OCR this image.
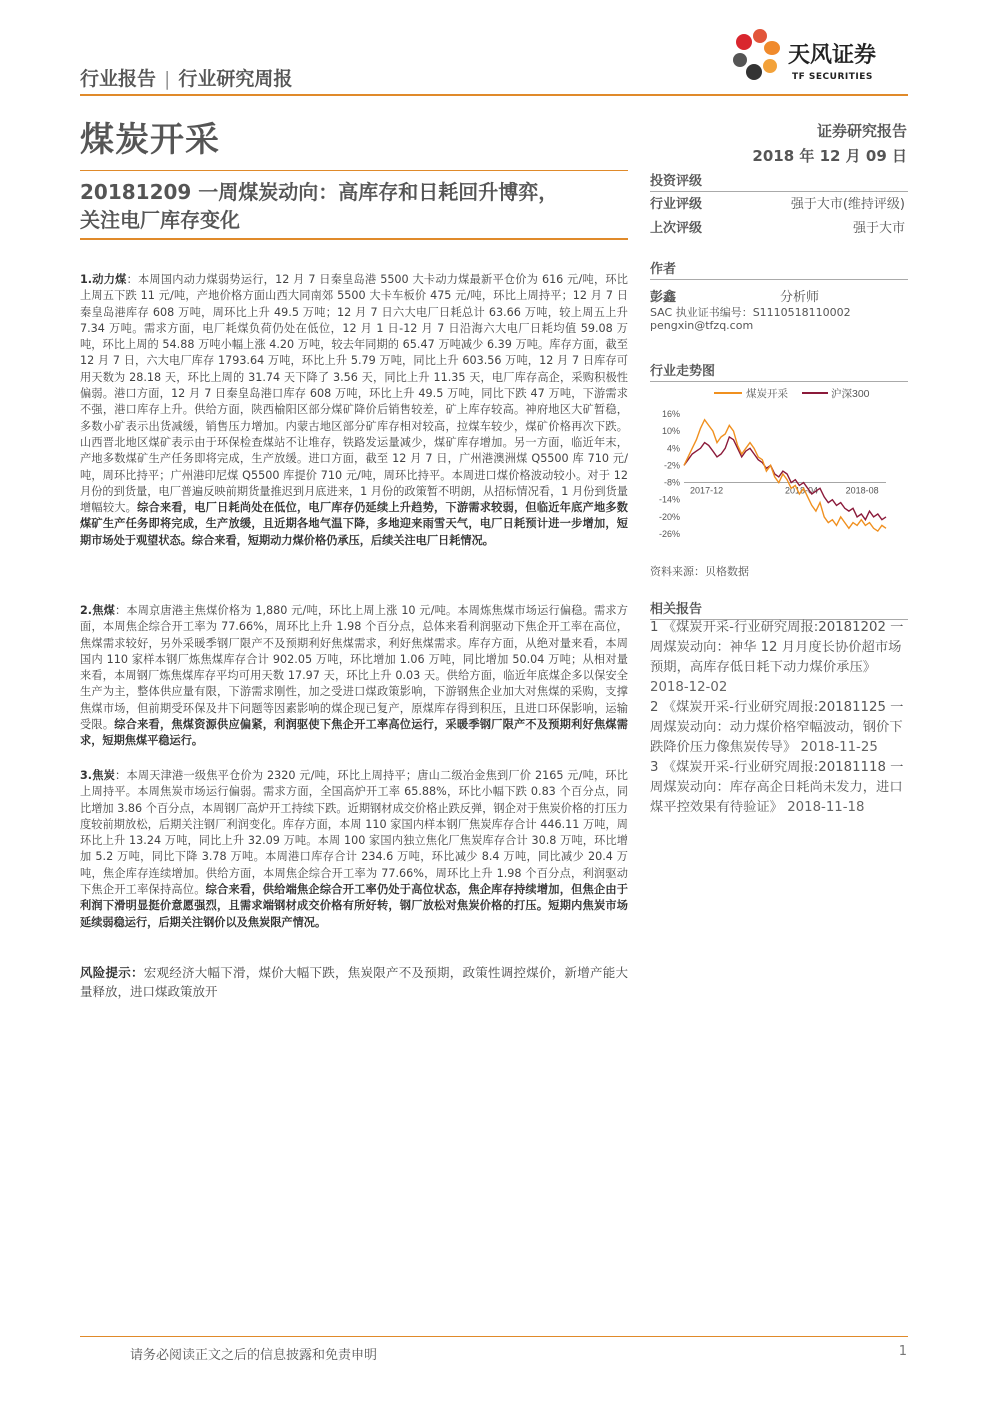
行业报告 | 行业研究周报
天风证券
TF SECURITIES
煤炭开采	证券研究报告
2018 年 12 月 09 日
20181209 一周煤炭动向：高库存和日耗回升博弈，
关注电厂库存变化
1.动力煤：本周国内动力煤弱势运行，12 月 7 日秦皇岛港 5500 大卡动力煤最新平仓价为 616 元/吨，环比上周五下跌 11 元/吨，产地价格方面山西大同南郊 5500 大卡车板价 475 元/吨，环比上周持平；12 月 7 日秦皇岛港库存 608 万吨，周环比上升 49.5 万吨；12 月 7 日六大电厂日耗总计 63.66 万吨，较上周五上升 7.34 万吨。需求方面，电厂耗煤负荷仍处在低位，12 月 1 日-12 月 7 日沿海六大电厂日耗均值 59.08 万吨，环比上周的 54.88 万吨小幅上涨 4.20 万吨，较去年同期的 65.47 万吨减少 6.39 万吨。库存方面，截至 12 月 7 日，六大电厂库存 1793.64 万吨，环比上升 5.79 万吨，同比上升 603.56 万吨，12 月 7 日库存可用天数为 28.18 天，环比上周的 31.74 天下降了 3.56 天，同比上升 11.35 天，电厂库存高企，采购积极性偏弱。港口方面，12 月 7 日秦皇岛港口库存 608 万吨，环比上升 49.5 万吨，同比下跌 47 万吨，下游需求不强，港口库存上升。供给方面，陕西榆阳区部分煤矿降价后销售较差，矿上库存较高。神府地区大矿暂稳，多数小矿表示出货减缓，销售压力增加。内蒙古地区部分矿库存相对较高，拉煤车较少，煤矿价格再次下跌。山西晋北地区煤矿表示由于环保检查煤站不让堆存，铁路发运量减少，煤矿库存增加。另一方面，临近年末，产地多数煤矿生产任务即将完成，生产放缓。进口方面，截至 12 月 7 日，广州港澳洲煤 Q5500 库 710 元/吨，周环比持平；广州港印尼煤 Q5500 库提价 710 元/吨，周环比持平。本周进口煤价格波动较小。对于 12 月份的到货量，电厂普遍反映前期货量推迟到月底进来，1 月份的政策暂不明朗，从招标情况看，1 月份到货量增幅较大。综合来看，电厂日耗尚处在低位，电厂库存仍延续上升趋势，下游需求较弱，但临近年底产地多数煤矿生产任务即将完成，生产放缓，且近期各地气温下降，多地迎来雨雪天气，电厂日耗预计进一步增加，短期市场处于观望状态。综合来看，短期动力煤价格仍承压，后续关注电厂日耗情况。
2.焦煤：本周京唐港主焦煤价格为 1,880 元/吨，环比上周上涨 10 元/吨。本周炼焦煤市场运行偏稳。需求方面，本周焦企综合开工率为 77.66%，周环比上升 1.98 个百分点，总体来看利润驱动下焦企开工率在高位，焦煤需求较好，另外采暖季钢厂限产不及预期利好焦煤需求，利好焦煤需求。库存方面，从绝对量来看，本周国内 110 家样本钢厂炼焦煤库存合计 902.05 万吨，环比增加 1.06 万吨，同比增加 50.04 万吨；从相对量来看，本周钢厂炼焦煤库存平均可用天数 17.97 天，环比上升 0.03 天。供给方面，临近年底煤企多以保安全生产为主，整体供应量有限，下游需求刚性，加之受进口煤政策影响，下游钢焦企业加大对焦煤的采购，支撑焦煤市场，但前期受环保及井下问题等因素影响的煤企现已复产，原煤库存得到积压，且进口环保影响，运输受限。综合来看，焦煤资源供应偏紧，利润驱使下焦企开工率高位运行，采暖季钢厂限产不及预期利好焦煤需求，短期焦煤平稳运行。
3.焦炭：本周天津港一级焦平仓价为 2320 元/吨，环比上周持平；唐山二级冶金焦到厂价 2165 元/吨，环比上周持平。本周焦炭市场运行偏弱。需求方面，全国高炉开工率 65.88%，环比小幅下跌 0.83 个百分点，同比增加 3.86 个百分点，本周钢厂高炉开工持续下跌。近期钢材成交价格止跌反弹，钢企对于焦炭价格的打压力度较前期放松，后期关注钢厂利润变化。库存方面，本周 110 家国内样本钢厂焦炭库存合计 446.11 万吨，周环比上升 13.24 万吨，同比上升 32.09 万吨。本周 100 家国内独立焦化厂焦炭库存合计 30.8 万吨，环比增加 5.2 万吨，同比下降 3.78 万吨。本周港口库存合计 234.6 万吨，环比减少 8.4 万吨，同比减少 20.4 万吨，焦企库存连续增加。供给方面，本周焦企综合开工率为 77.66%，周环比上升 1.98 个百分点，利润驱动下焦企开工率保持高位。综合来看，供给端焦企综合开工率仍处于高位状态，焦企库存持续增加，但焦企由于利润下滑明显挺价意愿强烈，且需求端钢材成交价格有所好转，钢厂放松对焦炭价格的打压。短期内焦炭市场延续弱稳运行，后期关注钢价以及焦炭限产情况。
风险提示：宏观经济大幅下滑，煤价大幅下跌，焦炭限产不及预期，政策性调控煤价，新增产能大量释放，进口煤政策放开
投资评级
行业评级	强于大市(维持评级)
上次评级	强于大市
作者
彭鑫	分析师
SAC 执业证书编号：S1110518110002
pengxin@tfzq.com
行业走势图
煤炭开采	沪深300
16%
10%
4%
-2%
-8%
-14%
-20%
-26%
2017-12	2018-04	2018-08
资料来源：贝格数据
相关报告
1 《煤炭开采-行业研究周报:20181202 一周煤炭动向：神华 12 月月度长协价超市场预期，高库存低日耗下动力煤价承压》 2018-12-02
2 《煤炭开采-行业研究周报:20181125 一周煤炭动向：动力煤价格窄幅波动，钢价下跌降价压力像焦炭传导》 2018-11-25
3 《煤炭开采-行业研究周报:20181118 一周煤炭动向：库存高企日耗尚未发力，进口煤平控效果有待验证》 2018-11-18
请务必阅读正文之后的信息披露和免责申明	1
